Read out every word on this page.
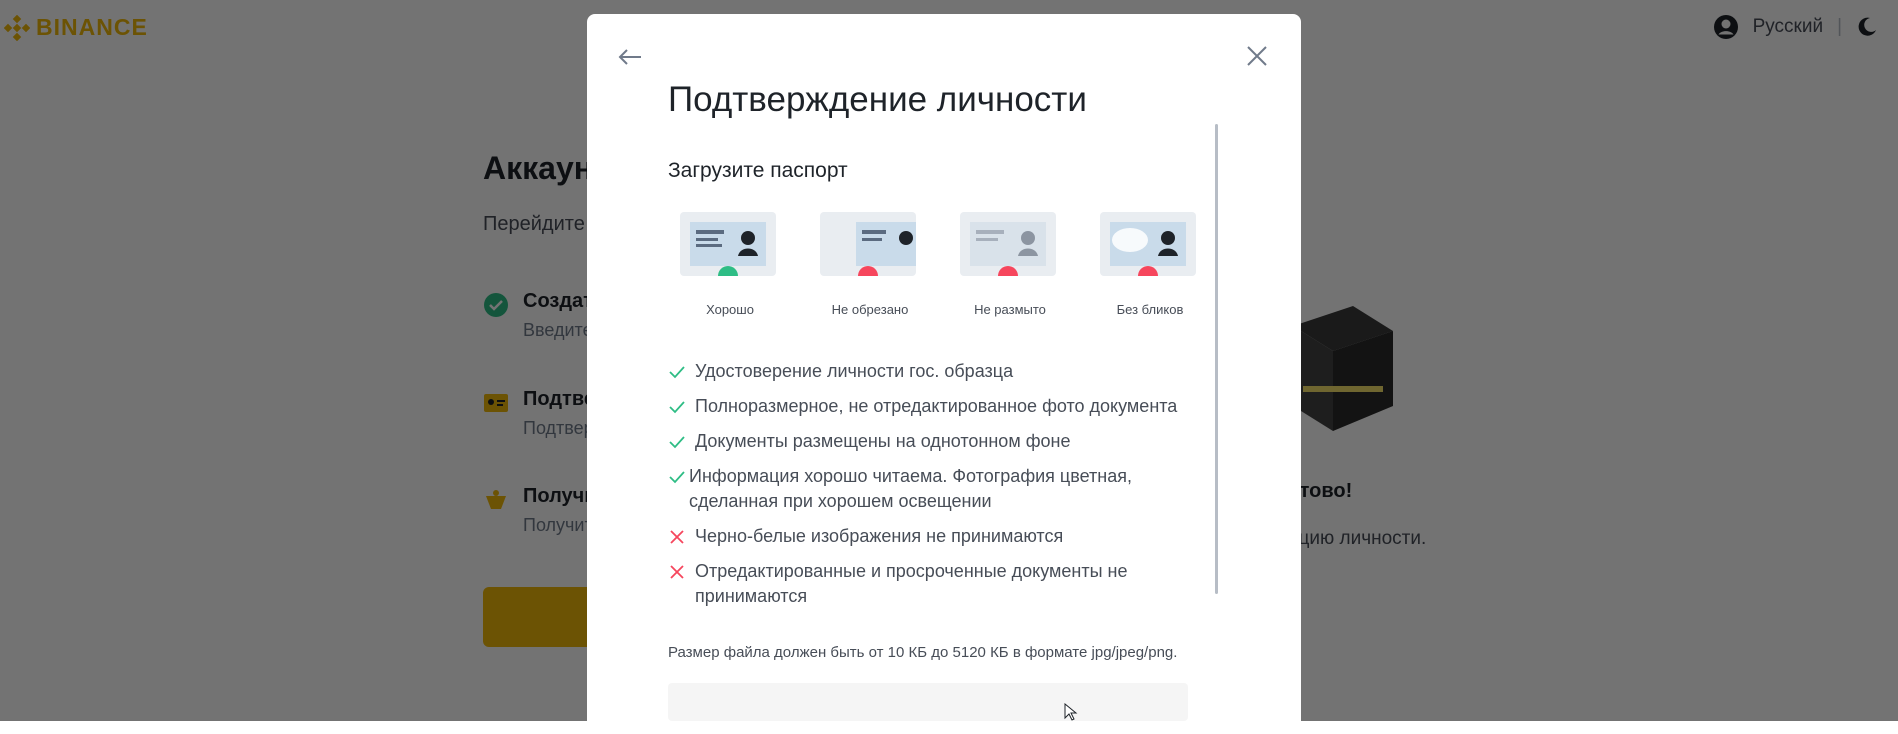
Подтверждение личности
Загрузите паспорт
Хорошо	Не обрезано	Не размыто	Без бликов
Удостоверение личности гос. образца
Полноразмерное, не отредактированное фото документа
Документы размещены на однотонном фоне
Информация хорошо читаема. Фотография цветная,
сделанная при хорошем освещении
Черно-белые изображения не принимаются
Отредактированные и просроченные документы не
принимаются
Размер файла должен быть от 10 КБ до 5120 КБ в формате jpg/jpeg/png.
